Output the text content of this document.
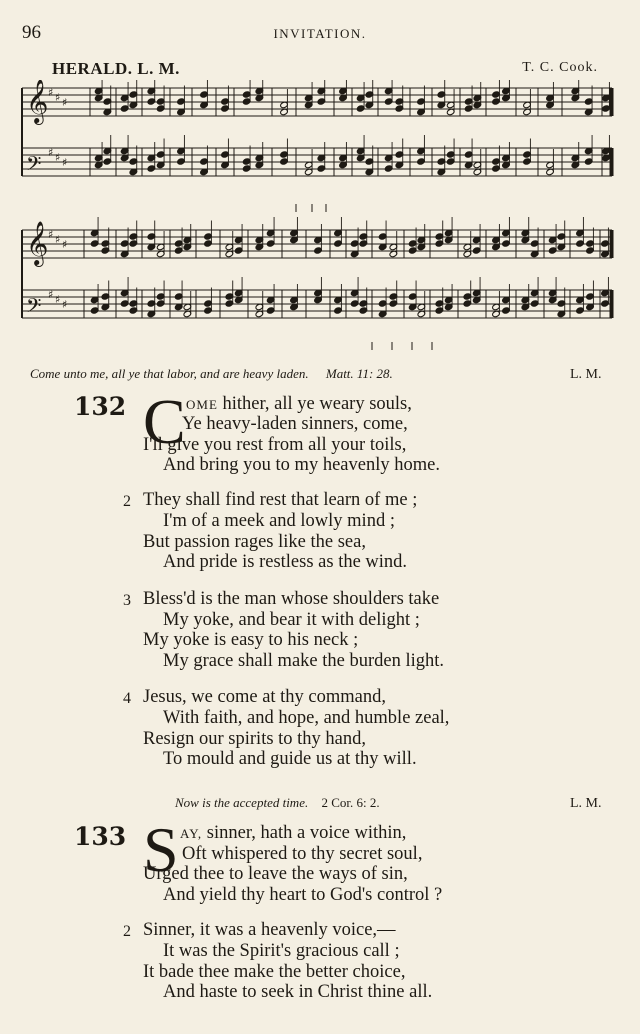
96	INVITATION.
HERALD. L. M.	T. C. Cook.
𝄞 ♯ ♯ ♯
𝄢 ♯ ♯ ♯
𝄞 ♯ ♯ ♯
𝄢 ♯ ♯ ♯
Come unto me, all ye that labor, and are heavy laden. Matt. 11: 28.	L. M.
132 C OME hither, all ye weary souls,
Ye heavy-laden sinners, come,
I'll give you rest from all your toils,
And bring you to my heavenly home.
2 They shall find rest that learn of me ;
I'm of a meek and lowly mind ;
But passion rages like the sea,
And pride is restless as the wind.
3 Bless'd is the man whose shoulders take
My yoke, and bear it with delight ;
My yoke is easy to his neck ;
My grace shall make the burden light.
4 Jesus, we come at thy command,
With faith, and hope, and humble zeal,
Resign our spirits to thy hand,
To mould and guide us at thy will.
Now is the accepted time. 2 Cor. 6: 2.	L. M.
133 S AY, sinner, hath a voice within,
Oft whispered to thy secret soul,
Urged thee to leave the ways of sin,
And yield thy heart to God's control ?
2 Sinner, it was a heavenly voice,—
It was the Spirit's gracious call ;
It bade thee make the better choice,
And haste to seek in Christ thine all.
